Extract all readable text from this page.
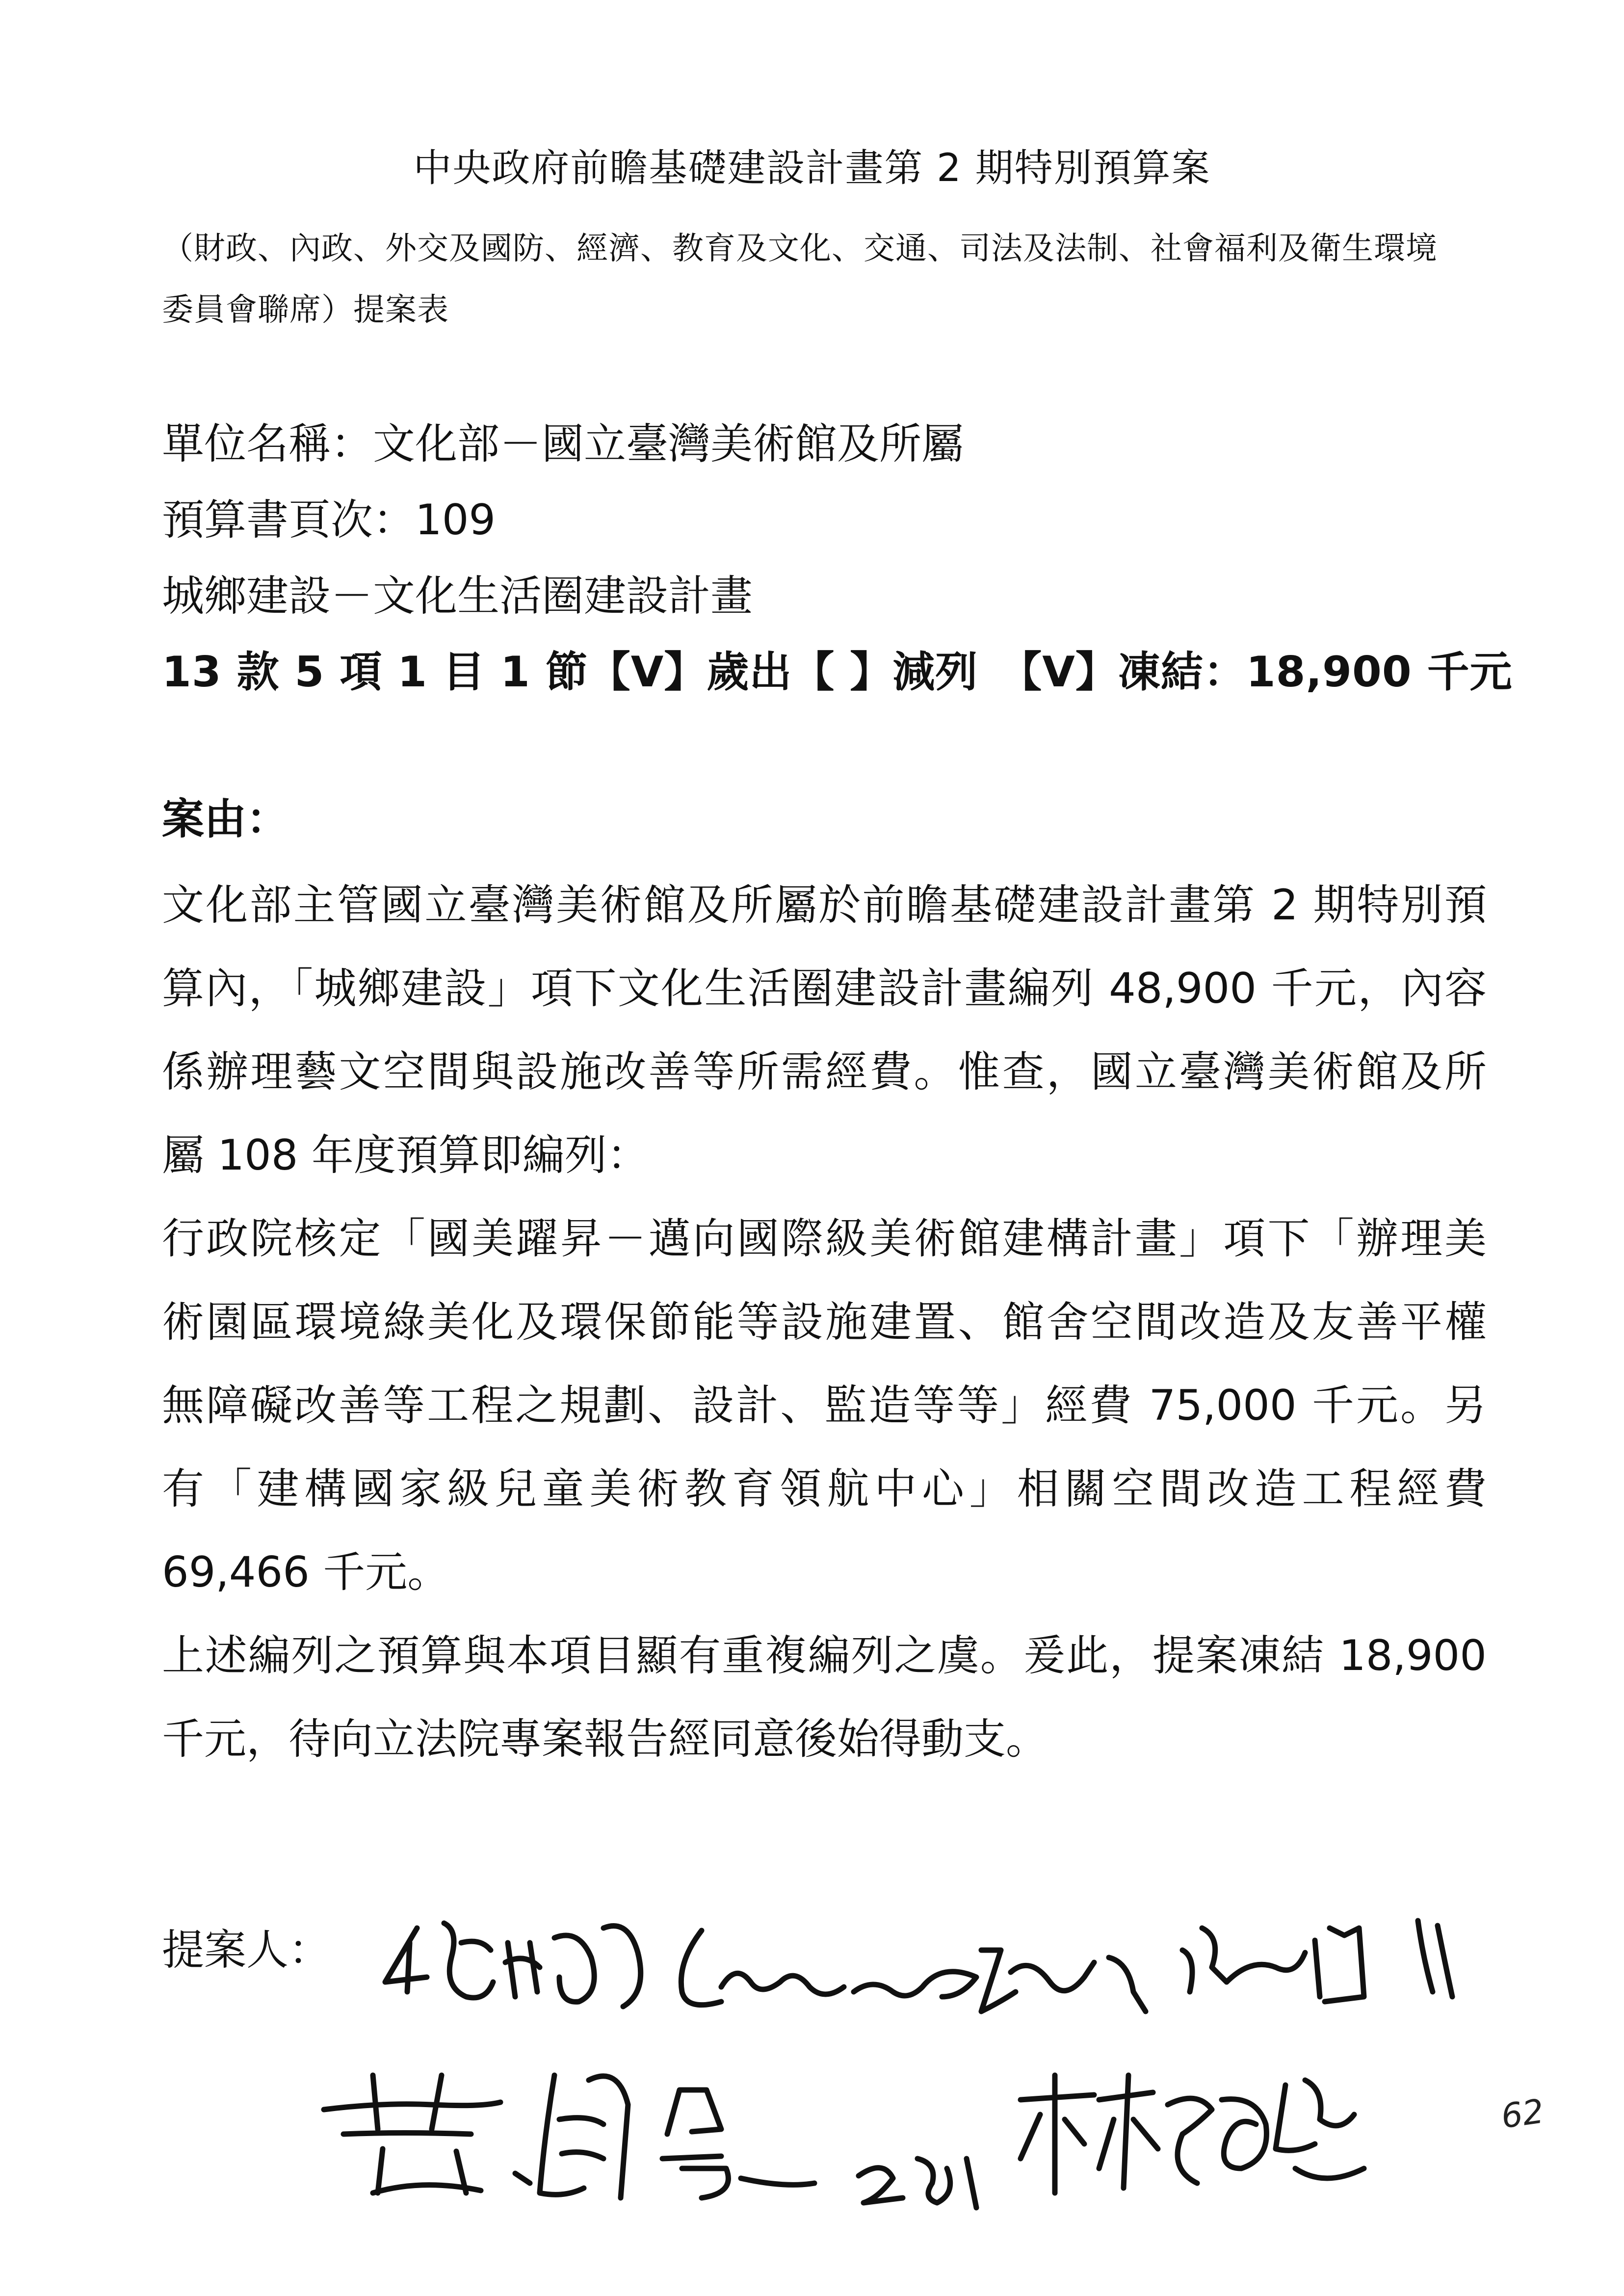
中央政府前瞻基礎建設計畫第 2 期特別預算案
（財政、內政、外交及國防、經濟、教育及文化、交通、司法及法制、社會福利及衛生環境
委員會聯席）提案表
單位名稱：文化部－國立臺灣美術館及所屬
預算書頁次：109
城鄉建設－文化生活圈建設計畫
13 款 5 項 1 目 1 節【V】歲出【 】減列　【V】凍結：18,900 千元
案由：
文化部主管國立臺灣美術館及所屬於前瞻基礎建設計畫第 2 期特別預
算內，「城鄉建設」項下文化生活圈建設計畫編列 48,900 千元，內容
係辦理藝文空間與設施改善等所需經費。惟查，國立臺灣美術館及所
屬 108 年度預算即編列：
行政院核定「國美躍昇－邁向國際級美術館建構計畫」項下「辦理美
術園區環境綠美化及環保節能等設施建置、館舍空間改造及友善平權
無障礙改善等工程之規劃、設計、監造等等」經費 75,000 千元。另
有「建構國家級兒童美術教育領航中心」相關空間改造工程經費
69,466 千元。
上述編列之預算與本項目顯有重複編列之虞。爰此，提案凍結 18,900
千元，待向立法院專案報告經同意後始得動支。
提案人：
62
